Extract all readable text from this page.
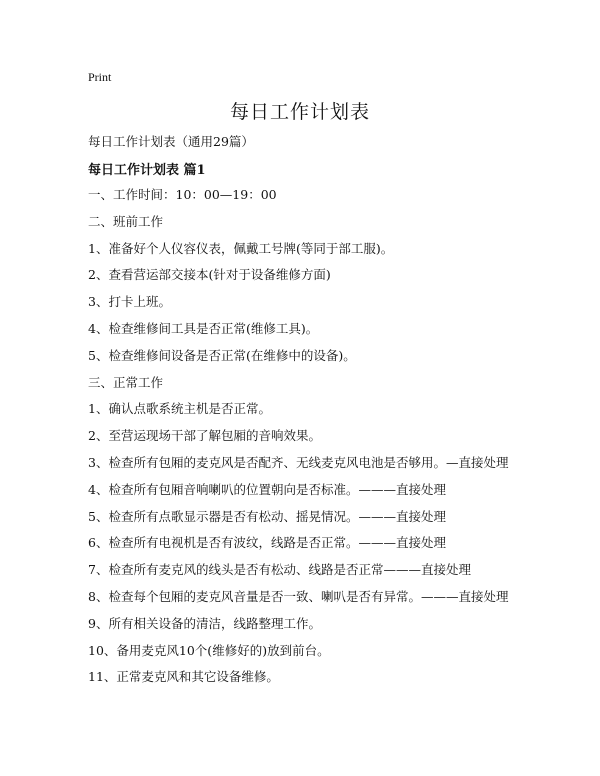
Print
每日工作计划表
每日工作计划表（通用29篇）
每日工作计划表 篇1
一、工作时间：10：00—19：00
二、班前工作
1、准备好个人仪容仪表，佩戴工号牌(等同于部工服)。
2、查看营运部交接本(针对于设备维修方面)
3、打卡上班。
4、检查维修间工具是否正常(维修工具)。
5、检查维修间设备是否正常(在维修中的设备)。
三、正常工作
1、确认点歌系统主机是否正常。
2、至营运现场干部了解包厢的音响效果。
3、检查所有包厢的麦克风是否配齐、无线麦克风电池是否够用。—直接处理
4、检查所有包厢音响喇叭的位置朝向是否标准。———直接处理
5、检查所有点歌显示器是否有松动、摇晃情况。———直接处理
6、检查所有电视机是否有波纹，线路是否正常。———直接处理
7、检查所有麦克风的线头是否有松动、线路是否正常———直接处理
8、检查每个包厢的麦克风音量是否一致、喇叭是否有异常。———直接处理
9、所有相关设备的清洁，线路整理工作。
10、备用麦克风10个(维修好的)放到前台。
11、正常麦克风和其它设备维修。
